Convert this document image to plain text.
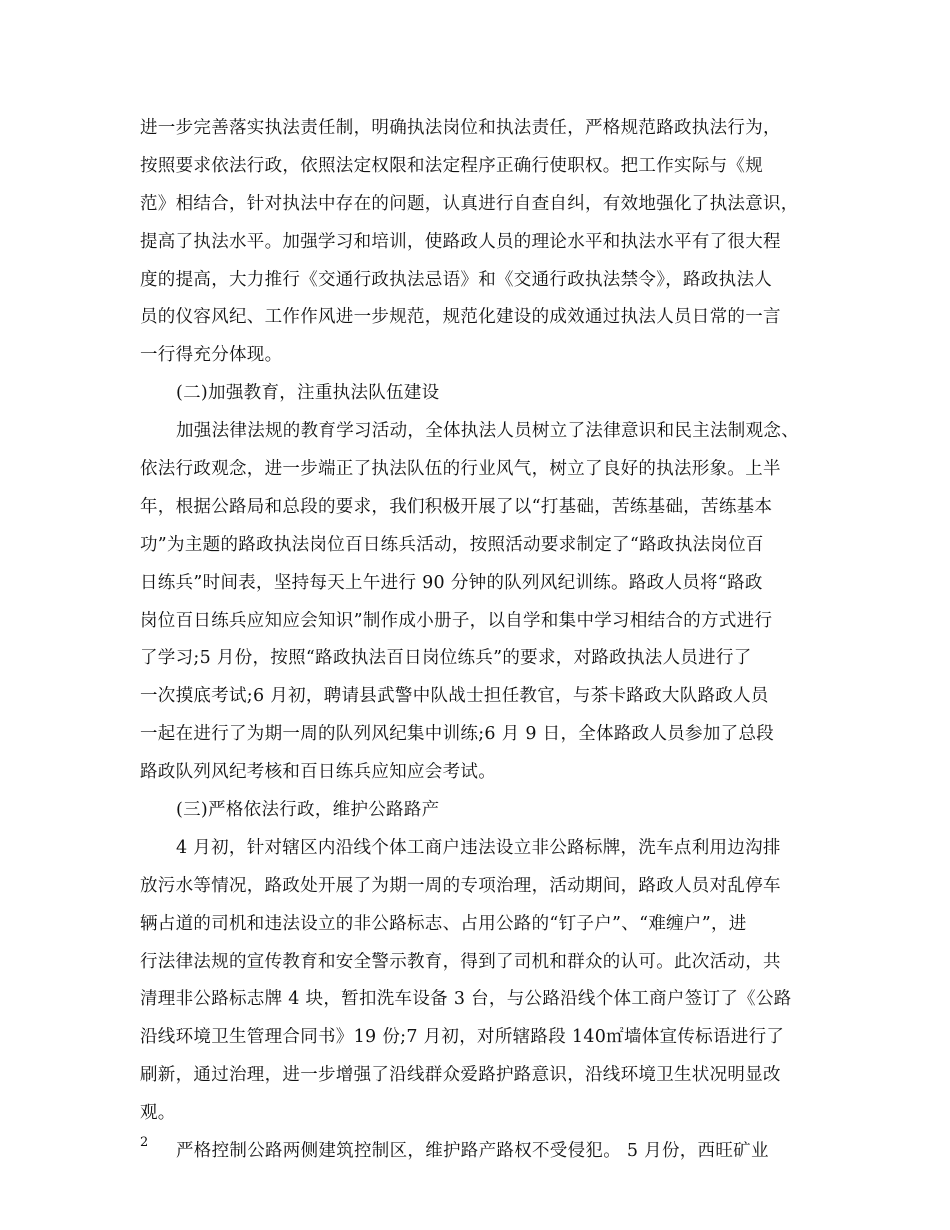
进一步完善落实执法责任制，明确执法岗位和执法责任，严格规范路政执法行为，
按照要求依法行政，依照法定权限和法定程序正确行使职权。把工作实际与《规
范》相结合，针对执法中存在的问题，认真进行自查自纠，有效地强化了执法意识，
提高了执法水平。加强学习和培训，使路政人员的理论水平和执法水平有了很大程
度的提高，大力推行《交通行政执法忌语》和《交通行政执法禁令》，路政执法人
员的仪容风纪、工作作风进一步规范，规范化建设的成效通过执法人员日常的一言
一行得充分体现。
(二)加强教育，注重执法队伍建设
加强法律法规的教育学习活动，全体执法人员树立了法律意识和民主法制观念、
依法行政观念，进一步端正了执法队伍的行业风气，树立了良好的执法形象。上半
年，根据公路局和总段的要求，我们积极开展了以“打基础，苦练基础，苦练基本
功”为主题的路政执法岗位百日练兵活动，按照活动要求制定了“路政执法岗位百
日练兵”时间表，坚持每天上午进行 90 分钟的队列风纪训练。路政人员将“路政
岗位百日练兵应知应会知识”制作成小册子，以自学和集中学习相结合的方式进行
了学习;5 月份，按照“路政执法百日岗位练兵”的要求，对路政执法人员进行了
一次摸底考试;6 月初，聘请县武警中队战士担任教官，与茶卡路政大队路政人员
一起在进行了为期一周的队列风纪集中训练;6 月 9 日，全体路政人员参加了总段
路政队列风纪考核和百日练兵应知应会考试。
(三)严格依法行政，维护公路路产
4 月初，针对辖区内沿线个体工商户违法设立非公路标牌，洗车点利用边沟排
放污水等情况，路政处开展了为期一周的专项治理，活动期间，路政人员对乱停车
辆占道的司机和违法设立的非公路标志、占用公路的“钉子户”、“难缠户”，进
行法律法规的宣传教育和安全警示教育，得到了司机和群众的认可。此次活动，共
清理非公路标志牌 4 块，暂扣洗车设备 3 台，与公路沿线个体工商户签订了《公路
沿线环境卫生管理合同书》19 份;7 月初，对所辖路段 140㎡墙体宣传标语进行了
刷新，通过治理，进一步增强了沿线群众爱路护路意识，沿线环境卫生状况明显改
观。
严格控制公路两侧建筑控制区，维护路产路权不受侵犯。 5 月份，西旺矿业
2
